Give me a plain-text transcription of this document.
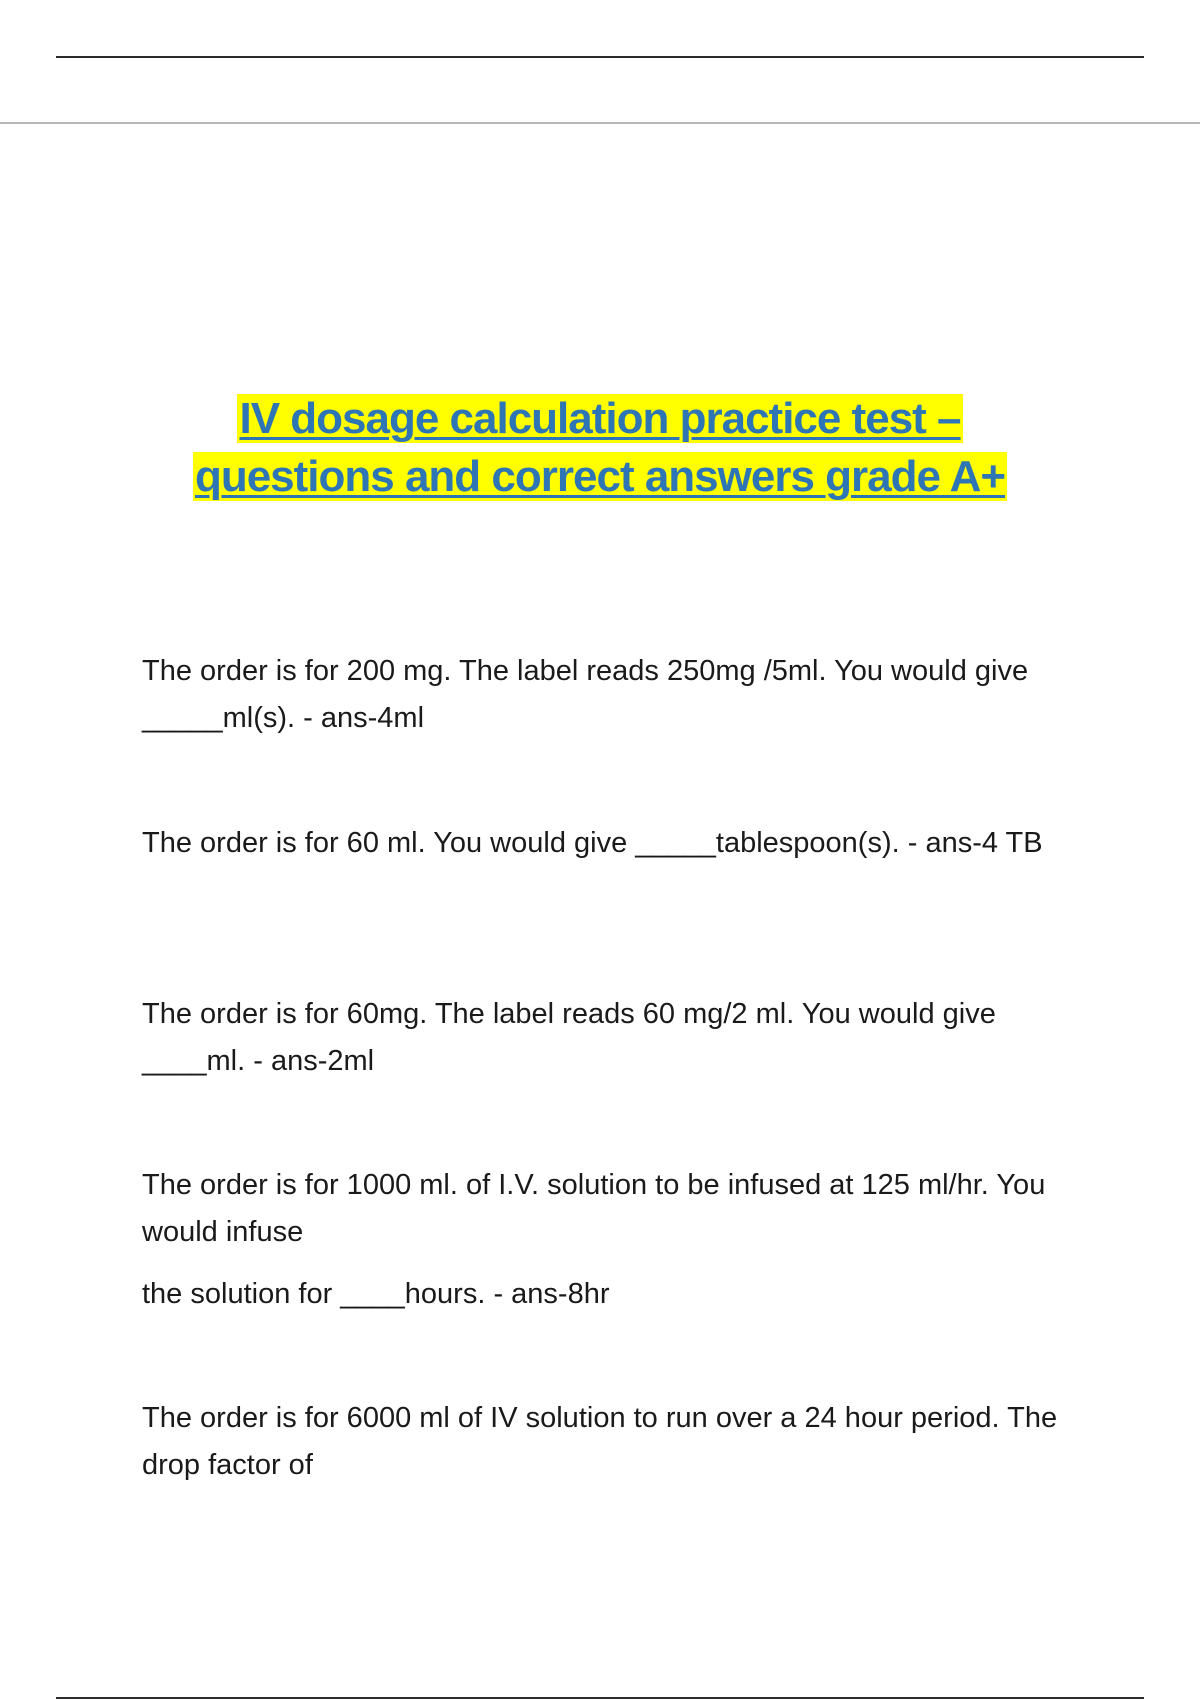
IV dosage calculation practice test –
questions and correct answers grade A+

The order is for 200 mg. The label reads 250mg /5ml. You would give _____ml(s). - ans-4ml

The order is for 60 ml. You would give _____tablespoon(s). - ans-4 TB

The order is for 60mg. The label reads 60 mg/2 ml. You would give ____ml. - ans-2ml

The order is for 1000 ml. of I.V. solution to be infused at 125 ml/hr. You would infuse

the solution for ____hours. - ans-8hr

The order is for 6000 ml of IV solution to run over a 24 hour period. The drop factor of
